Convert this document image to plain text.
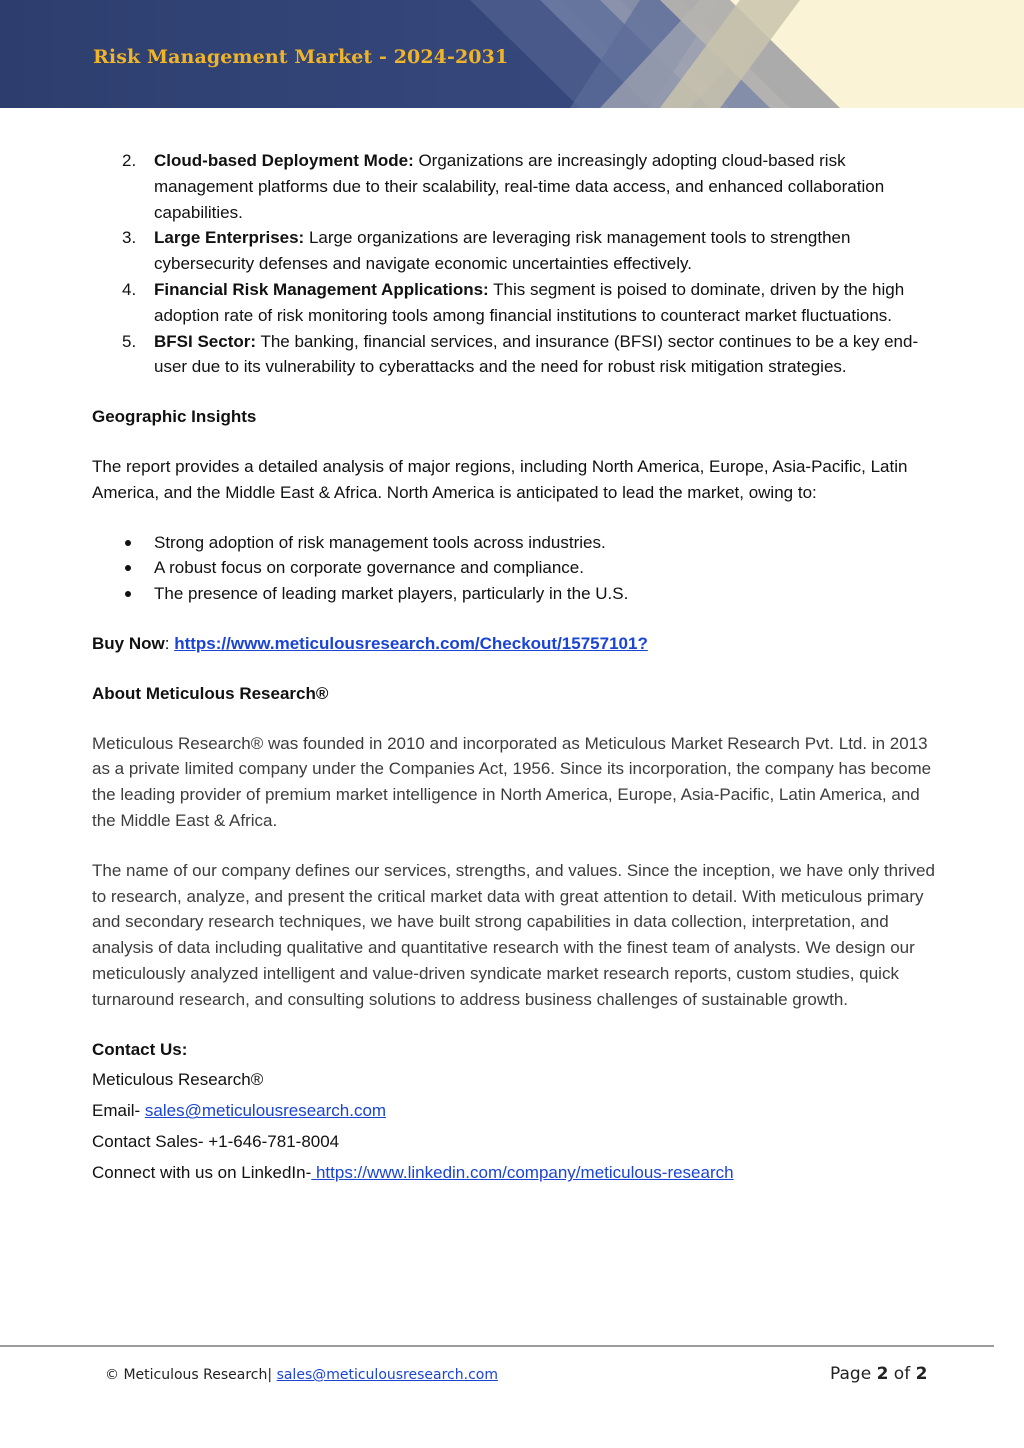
Risk Management Market - 2024-2031
2. Cloud-based Deployment Mode: Organizations are increasingly adopting cloud-based risk management platforms due to their scalability, real-time data access, and enhanced collaboration capabilities.
3. Large Enterprises: Large organizations are leveraging risk management tools to strengthen cybersecurity defenses and navigate economic uncertainties effectively.
4. Financial Risk Management Applications: This segment is poised to dominate, driven by the high adoption rate of risk monitoring tools among financial institutions to counteract market fluctuations.
5. BFSI Sector: The banking, financial services, and insurance (BFSI) sector continues to be a key end-user due to its vulnerability to cyberattacks and the need for robust risk mitigation strategies.

Geographic Insights

The report provides a detailed analysis of major regions, including North America, Europe, Asia-Pacific, Latin America, and the Middle East & Africa. North America is anticipated to lead the market, owing to:

Strong adoption of risk management tools across industries.
A robust focus on corporate governance and compliance.
The presence of leading market players, particularly in the U.S.

Buy Now: https://www.meticulousresearch.com/Checkout/15757101?

About Meticulous Research®

Meticulous Research® was founded in 2010 and incorporated as Meticulous Market Research Pvt. Ltd. in 2013 as a private limited company under the Companies Act, 1956. Since its incorporation, the company has become the leading provider of premium market intelligence in North America, Europe, Asia-Pacific, Latin America, and the Middle East & Africa.

The name of our company defines our services, strengths, and values. Since the inception, we have only thrived to research, analyze, and present the critical market data with great attention to detail. With meticulous primary and secondary research techniques, we have built strong capabilities in data collection, interpretation, and analysis of data including qualitative and quantitative research with the finest team of analysts. We design our meticulously analyzed intelligent and value-driven syndicate market research reports, custom studies, quick turnaround research, and consulting solutions to address business challenges of sustainable growth.

Contact Us:

Meticulous Research®

Email- sales@meticulousresearch.com

Contact Sales- +1-646-781-8004

Connect with us on LinkedIn- https://www.linkedin.com/company/meticulous-research

© Meticulous Research| sales@meticulousresearch.com	Page 2 of 2
